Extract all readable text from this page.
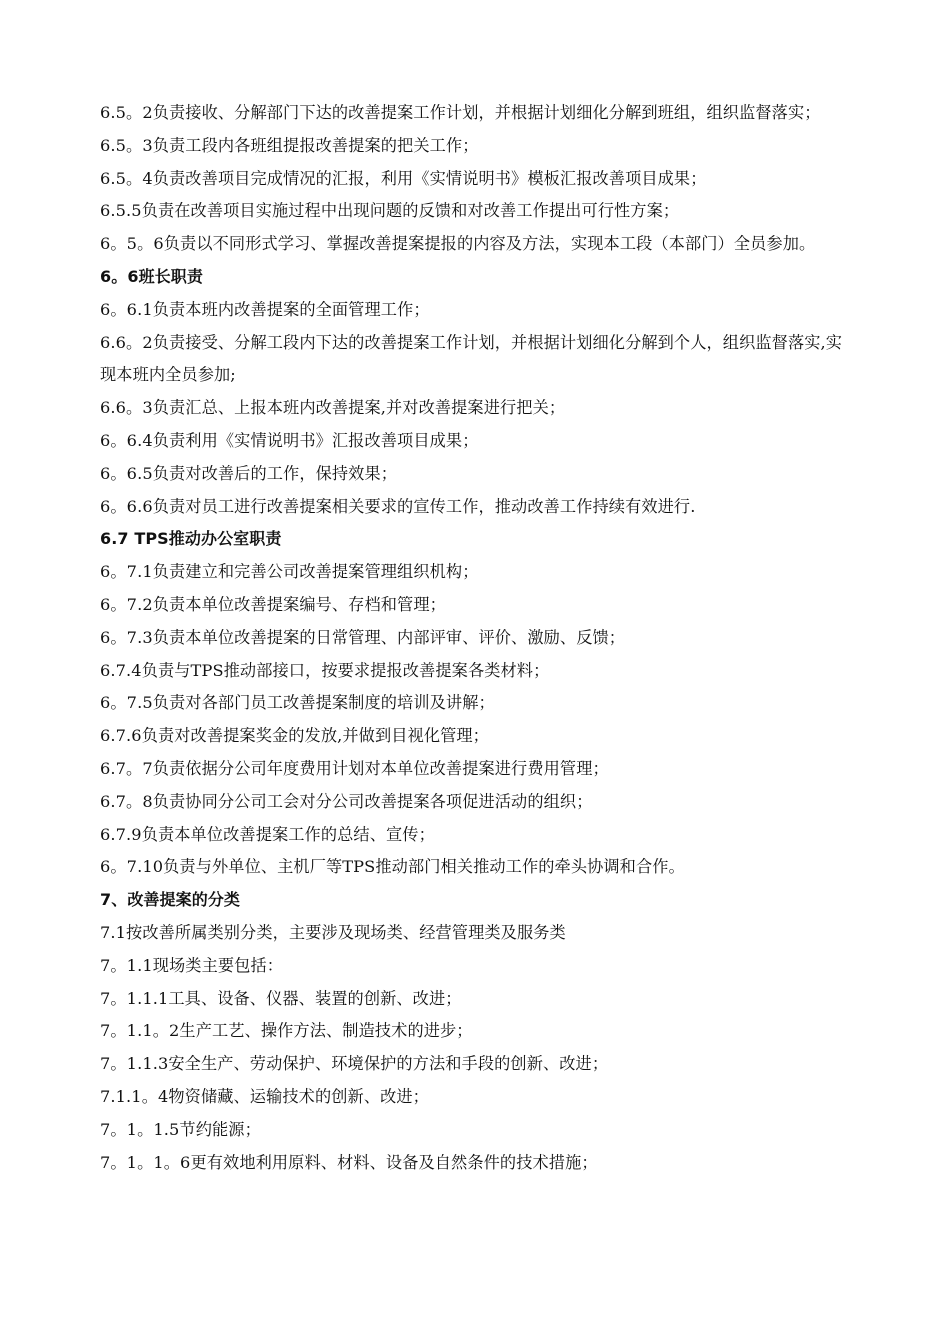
6.5。2负责接收、分解部门下达的改善提案工作计划，并根据计划细化分解到班组，组织监督落实；

6.5。3负责工段内各班组提报改善提案的把关工作；

6.5。4负责改善项目完成情况的汇报，利用《实情说明书》模板汇报改善项目成果；

6.5.5负责在改善项目实施过程中出现问题的反馈和对改善工作提出可行性方案；

6。5。6负责以不同形式学习、掌握改善提案提报的内容及方法，实现本工段（本部门）全员参加。

6。6班长职责

6。6.1负责本班内改善提案的全面管理工作；

6.6。2负责接受、分解工段内下达的改善提案工作计划，并根据计划细化分解到个人，组织监督落实,实现本班内全员参加;

6.6。3负责汇总、上报本班内改善提案,并对改善提案进行把关；

6。6.4负责利用《实情说明书》汇报改善项目成果；

6。6.5负责对改善后的工作，保持效果；

6。6.6负责对员工进行改善提案相关要求的宣传工作，推动改善工作持续有效进行.

6.7 TPS推动办公室职责

6。7.1负责建立和完善公司改善提案管理组织机构；

6。7.2负责本单位改善提案编号、存档和管理；

6。7.3负责本单位改善提案的日常管理、内部评审、评价、激励、反馈；

6.7.4负责与TPS推动部接口，按要求提报改善提案各类材料；

6。7.5负责对各部门员工改善提案制度的培训及讲解；

6.7.6负责对改善提案奖金的发放,并做到目视化管理；

6.7。7负责依据分公司年度费用计划对本单位改善提案进行费用管理；

6.7。8负责协同分公司工会对分公司改善提案各项促进活动的组织；

6.7.9负责本单位改善提案工作的总结、宣传；

6。7.10负责与外单位、主机厂等TPS推动部门相关推动工作的牵头协调和合作。

7、改善提案的分类

7.1按改善所属类别分类，主要涉及现场类、经营管理类及服务类

7。1.1现场类主要包括：

7。1.1.1工具、设备、仪器、装置的创新、改进；

7。1.1。2生产工艺、操作方法、制造技术的进步；

7。1.1.3安全生产、劳动保护、环境保护的方法和手段的创新、改进；

7.1.1。4物资储藏、运输技术的创新、改进；

7。1。1.5节约能源；

7。1。1。6更有效地利用原料、材料、设备及自然条件的技术措施；
